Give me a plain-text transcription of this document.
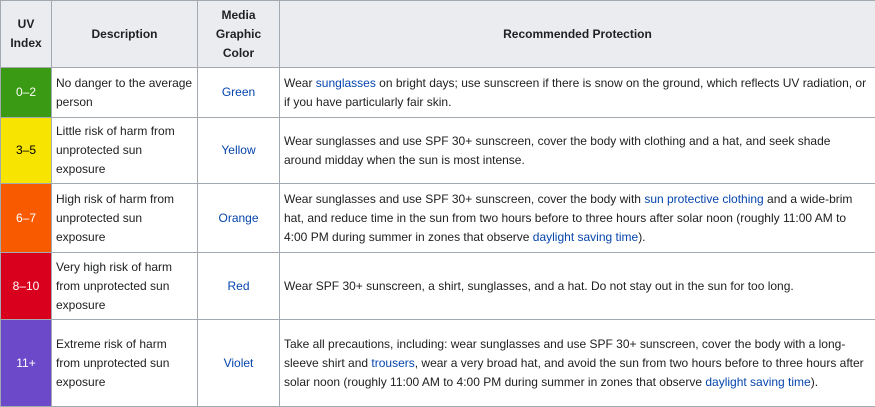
UV Index	Description	Media Graphic Color	Recommended Protection
0–2	No danger to the average person	Green	Wear sunglasses on bright days; use sunscreen if there is snow on the ground, which reflects UV radiation, or if you have particularly fair skin.
3–5	Little risk of harm from unprotected sun exposure	Yellow	Wear sunglasses and use SPF 30+ sunscreen, cover the body with clothing and a hat, and seek shade around midday when the sun is most intense.
6–7	High risk of harm from unprotected sun exposure	Orange	Wear sunglasses and use SPF 30+ sunscreen, cover the body with sun protective clothing and a wide-brim hat, and reduce time in the sun from two hours before to three hours after solar noon (roughly 11:00 AM to 4:00 PM during summer in zones that observe daylight saving time).
8–10	Very high risk of harm from unprotected sun exposure	Red	Wear SPF 30+ sunscreen, a shirt, sunglasses, and a hat. Do not stay out in the sun for too long.
11+	Extreme risk of harm from unprotected sun exposure	Violet	Take all precautions, including: wear sunglasses and use SPF 30+ sunscreen, cover the body with a long-sleeve shirt and trousers, wear a very broad hat, and avoid the sun from two hours before to three hours after solar noon (roughly 11:00 AM to 4:00 PM during summer in zones that observe daylight saving time).
